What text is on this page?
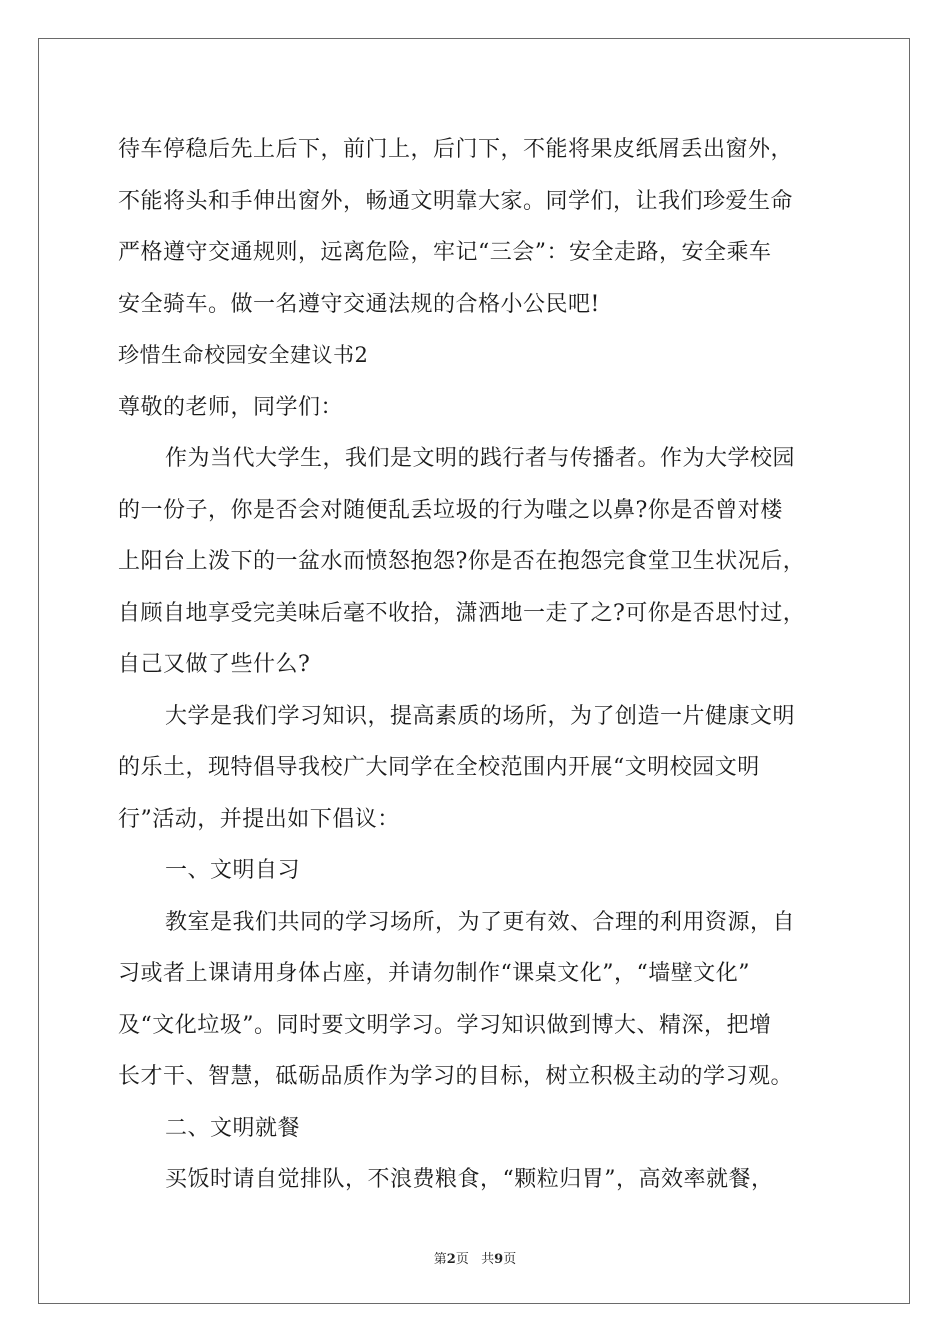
待车停稳后先上后下，前门上，后门下，不能将果皮纸屑丢出窗外，
不能将头和手伸出窗外，畅通文明靠大家。同学们，让我们珍爱生命
严格遵守交通规则，远离危险，牢记“三会”：安全走路，安全乘车
安全骑车。做一名遵守交通法规的合格小公民吧!
珍惜生命校园安全建议书2
尊敬的老师，同学们：
作为当代大学生，我们是文明的践行者与传播者。作为大学校园
的一份子，你是否会对随便乱丢垃圾的行为嗤之以鼻?你是否曾对楼
上阳台上泼下的一盆水而愤怒抱怨?你是否在抱怨完食堂卫生状况后，
自顾自地享受完美味后毫不收拾，潇洒地一走了之?可你是否思忖过，
自己又做了些什么?
大学是我们学习知识，提高素质的场所，为了创造一片健康文明
的乐土，现特倡导我校广大同学在全校范围内开展“文明校园文明
行”活动，并提出如下倡议：
一、文明自习
教室是我们共同的学习场所，为了更有效、合理的利用资源，自
习或者上课请用身体占座，并请勿制作“课桌文化”，“墙壁文化”
及“文化垃圾”。同时要文明学习。学习知识做到博大、精深，把增
长才干、智慧，砥砺品质作为学习的目标，树立积极主动的学习观。
二、文明就餐
买饭时请自觉排队，不浪费粮食，“颗粒归胃”，高效率就餐，
第2页 共9页
